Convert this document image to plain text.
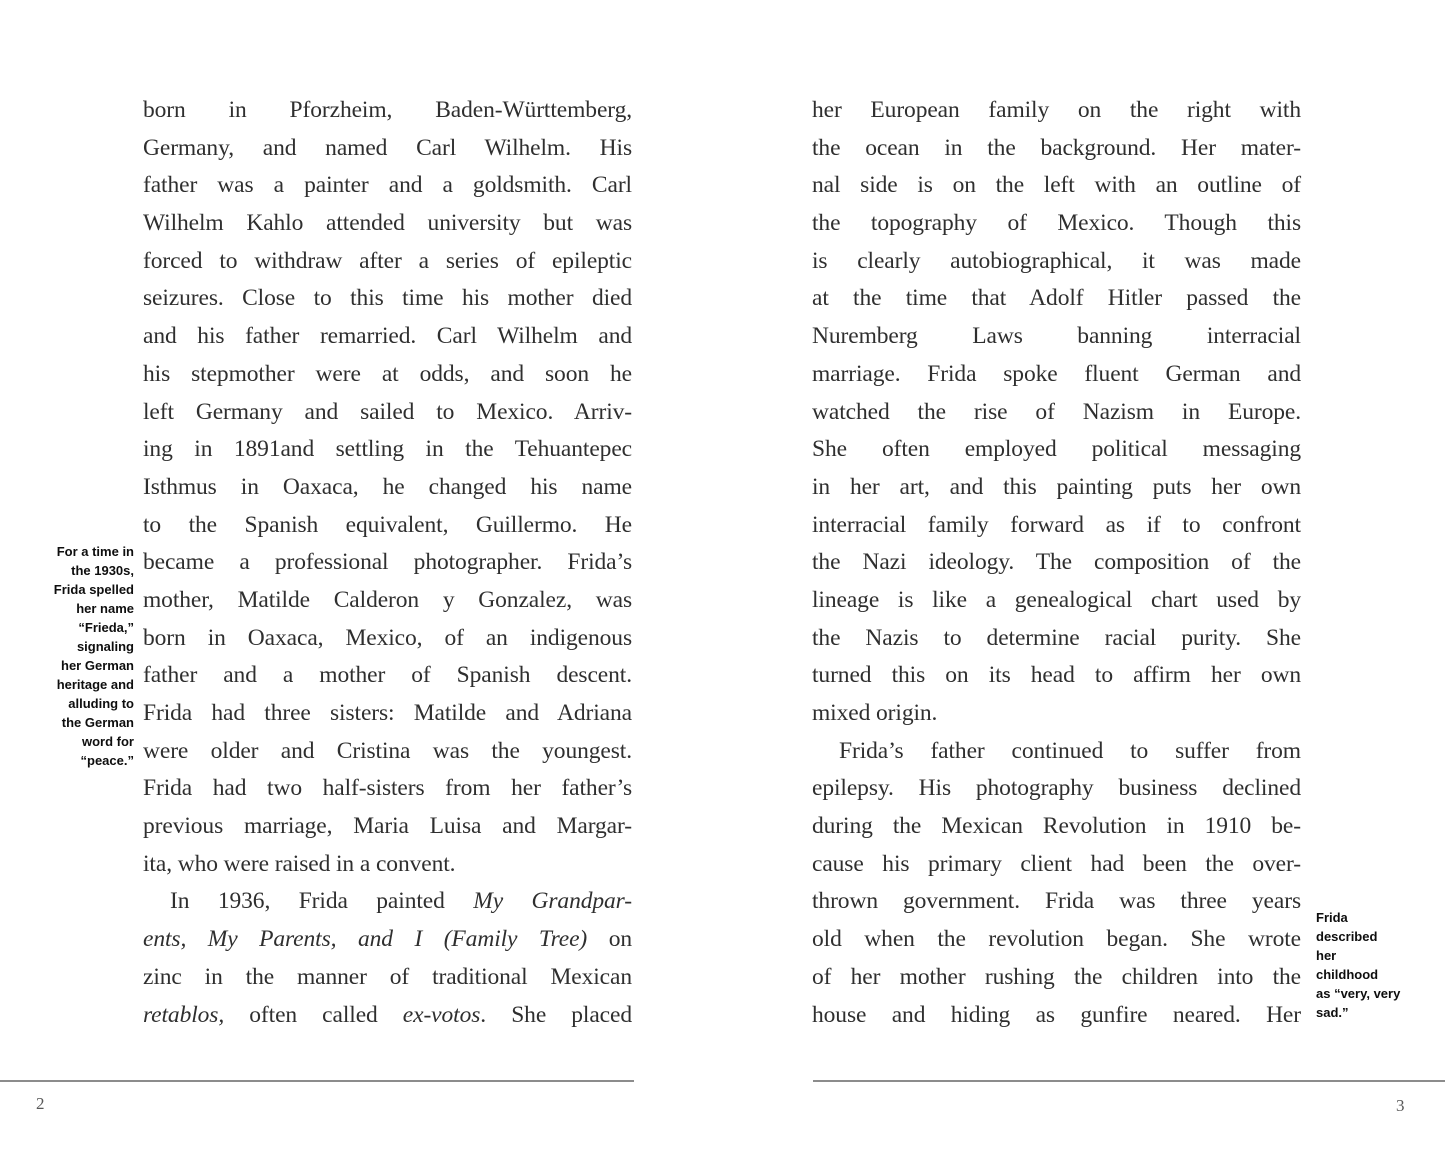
For a time in
the 1930s,
Frida spelled
her name
“Frieda,”
signaling
her German
heritage and
alluding to
the German
word for
“peace.”
born in Pforzheim, Baden-Württemberg,
Germany, and named Carl Wilhelm. His
father was a painter and a goldsmith. Carl
Wilhelm Kahlo attended university but was
forced to withdraw after a series of epileptic
seizures. Close to this time his mother died
and his father remarried. Carl Wilhelm and
his stepmother were at odds, and soon he
left Germany and sailed to Mexico. Arriv-
ing in 1891and settling in the Tehuantepec
Isthmus in Oaxaca, he changed his name
to the Spanish equivalent, Guillermo. He
became a professional photographer. Frida’s
mother, Matilde Calderon y Gonzalez, was
born in Oaxaca, Mexico, of an indigenous
father and a mother of Spanish descent.
Frida had three sisters: Matilde and Adriana
were older and Cristina was the youngest.
Frida had two half-sisters from her father’s
previous marriage, Maria Luisa and Margar-
ita, who were raised in a convent.
In 1936, Frida painted My Grandpar-
ents, My Parents, and I (Family Tree) on
zinc in the manner of traditional Mexican
retablos, often called ex-votos. She placed
2
Frida
described
her
childhood
as “very, very
sad.”
her European family on the right with
the ocean in the background. Her mater-
nal side is on the left with an outline of
the topography of Mexico. Though this
is clearly autobiographical, it was made
at the time that Adolf Hitler passed the
Nuremberg Laws banning interracial
marriage. Frida spoke fluent German and
watched the rise of Nazism in Europe.
She often employed political messaging
in her art, and this painting puts her own
interracial family forward as if to confront
the Nazi ideology. The composition of the
lineage is like a genealogical chart used by
the Nazis to determine racial purity. She
turned this on its head to affirm her own
mixed origin.
Frida’s father continued to suffer from
epilepsy. His photography business declined
during the Mexican Revolution in 1910 be-
cause his primary client had been the over-
thrown government. Frida was three years
old when the revolution began. She wrote
of her mother rushing the children into the
house and hiding as gunfire neared. Her
3
